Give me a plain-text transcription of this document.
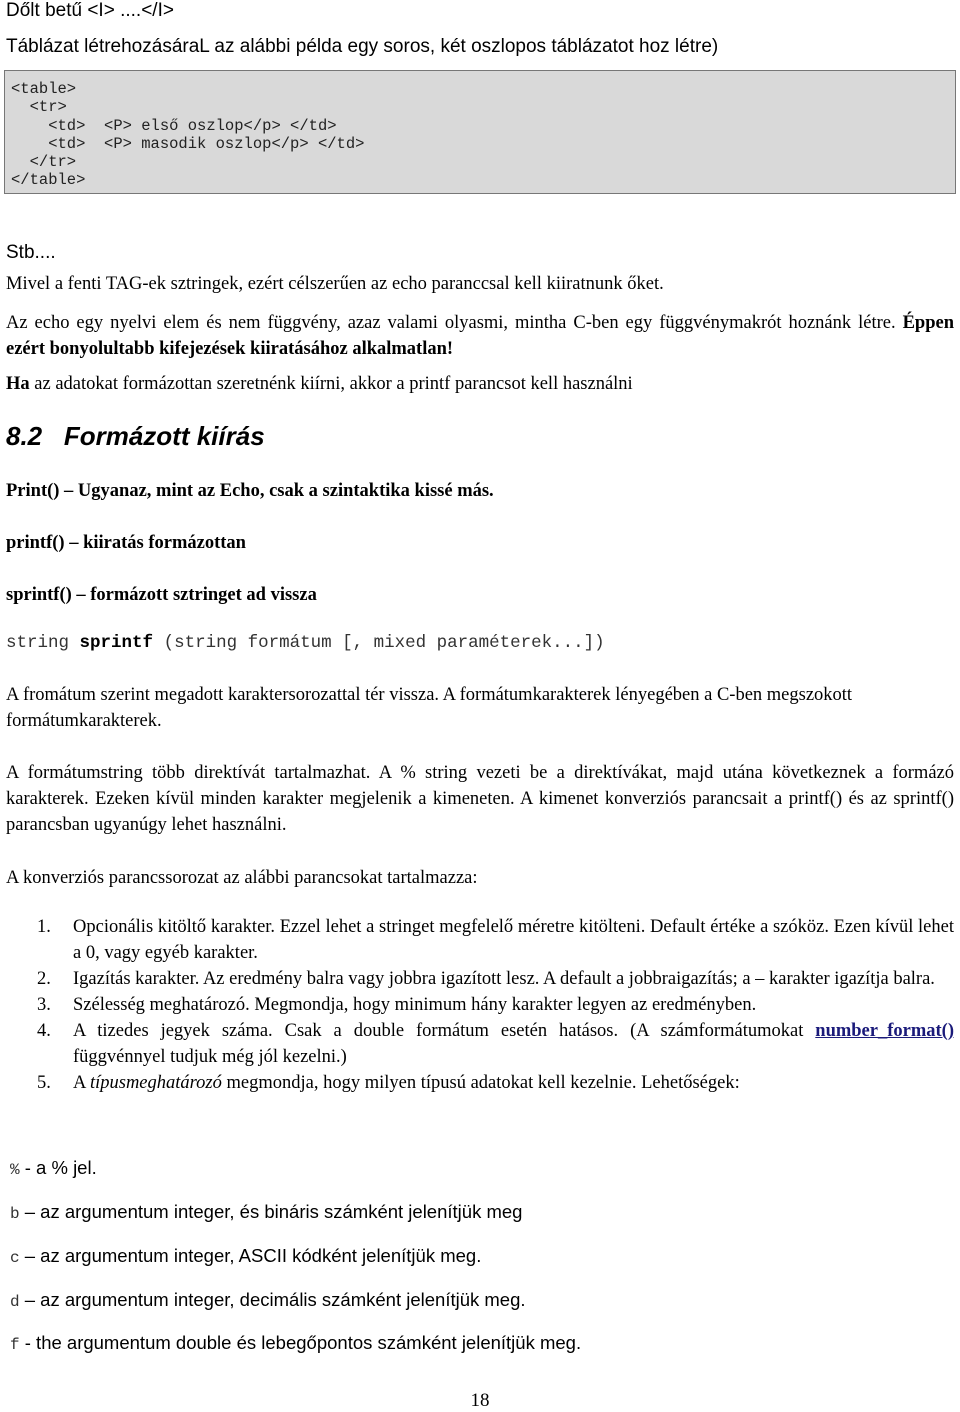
Dőlt betű <I> ....</I>
Táblázat létrehozásáraL az alábbi példa egy soros, két oszlopos táblázatot hoz létre)
<table>
<tr>
<td>  <P> első oszlop</p> </td>
<td>  <P> masodik oszlop</p> </td>
</tr>
</table>
Stb....

Mivel a fenti TAG-ek sztringek, ezért célszerűen az echo paranccsal kell kiiratnunk őket.

Az echo egy nyelvi elem és nem függvény, azaz valami olyasmi, mintha C-ben egy függvénymakrót hoznánk létre. Éppen ezért bonyolultabb kifejezések kiiratásához alkalmatlan!

Ha az adatokat formázottan szeretnénk kiírni, akkor a printf parancsot kell használni

8.2 Formázott kiírás

Print() – Ugyanaz, mint az Echo, csak a szintaktika kissé más.

printf() – kiiratás formázottan

sprintf() – formázott sztringet ad vissza

string sprintf (string formátum [, mixed paraméterek...])

A fromátum szerint megadott karaktersorozattal tér vissza. A formátumkarakterek lényegében a C-ben megszokott formátumkarakterek.

A formátumstring több direktívát tartalmazhat. A % string vezeti be a direktívákat, majd utána következnek a formázó karakterek. Ezeken kívül minden karakter megjelenik a kimeneten. A kimenet konverziós parancsait a printf() és az sprintf() parancsban ugyanúgy lehet használni.

A konverziós parancssorozat az alábbi parancsokat tartalmazza:

1. Opcionális kitöltő karakter. Ezzel lehet a stringet megfelelő méretre kitölteni. Default értéke a szóköz. Ezen kívül lehet a 0, vagy egyéb karakter.
2. Igazítás karakter. Az eredmény balra vagy jobbra igazított lesz. A default a jobbraigazítás; a – karakter igazítja balra.
3. Szélesség meghatározó. Megmondja, hogy minimum hány karakter legyen az eredményben.
4. A tizedes jegyek száma. Csak a double formátum esetén hatásos. (A számformátumokat number_format() függvénnyel tudjuk még jól kezelni.)
5. A típusmeghatározó megmondja, hogy milyen típusú adatokat kell kezelnie. Lehetőségek:
% - a % jel.
b – az argumentum integer, és bináris számként jelenítjük meg
c – az argumentum integer, ASCII kódként jelenítjük meg.
d – az argumentum integer, decimális számként jelenítjük meg.
f - the argumentum double és lebegőpontos számként jelenítjük meg.
18
